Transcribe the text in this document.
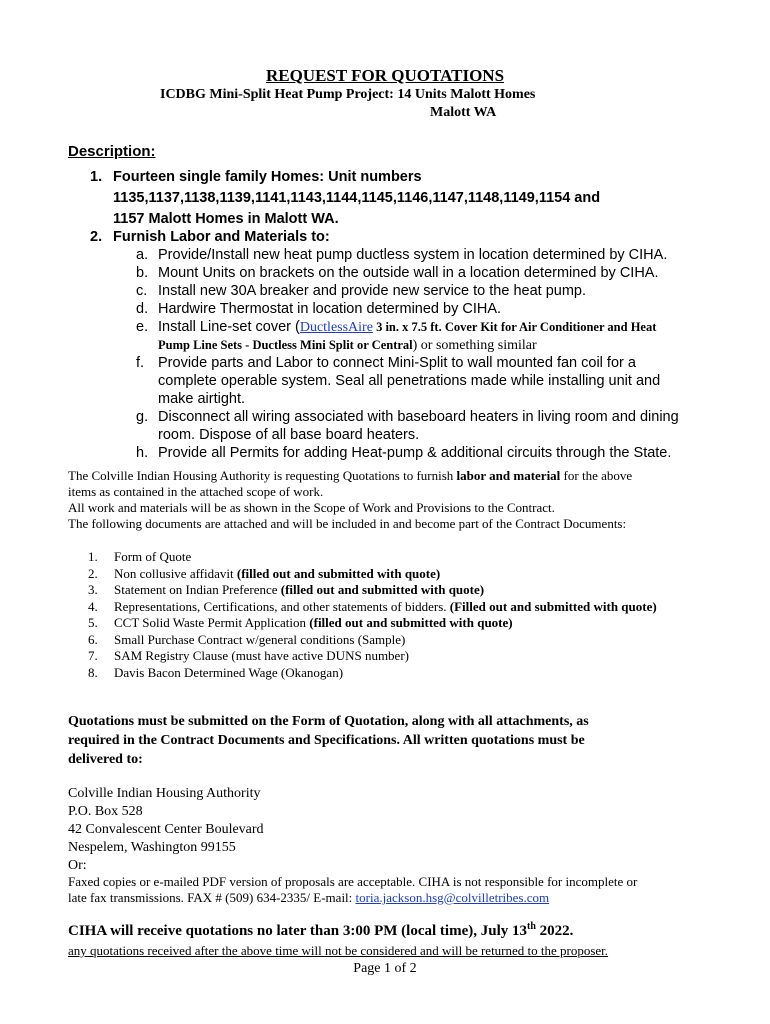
REQUEST FOR QUOTATIONS
ICDBG Mini-Split Heat Pump Project: 14 Units Malott Homes
Malott WA
Description:
1. Fourteen single family Homes: Unit numbers
1135,1137,1138,1139,1141,1143,1144,1145,1146,1147,1148,1149,1154 and
1157 Malott Homes in Malott WA.
2. Furnish Labor and Materials to:
a. Provide/Install new heat pump ductless system in location determined by CIHA.
b. Mount Units on brackets on the outside wall in a location determined by CIHA.
c. Install new 30A breaker and provide new service to the heat pump.
d. Hardwire Thermostat in location determined by CIHA.
e. Install Line-set cover (DuctlessAire 3 in. x 7.5 ft. Cover Kit for Air Conditioner and Heat
Pump Line Sets - Ductless Mini Split or Central) or something similar
f. Provide parts and Labor to connect Mini-Split to wall mounted fan coil for a
complete operable system. Seal all penetrations made while installing unit and
make airtight.
g. Disconnect all wiring associated with baseboard heaters in living room and dining
room. Dispose of all base board heaters.
h. Provide all Permits for adding Heat-pump & additional circuits through the State.
The Colville Indian Housing Authority is requesting Quotations to furnish labor and material for the above
items as contained in the attached scope of work.
All work and materials will be as shown in the Scope of Work and Provisions to the Contract.
The following documents are attached and will be included in and become part of the Contract Documents:
1. Form of Quote
2. Non collusive affidavit (filled out and submitted with quote)
3. Statement on Indian Preference (filled out and submitted with quote)
4. Representations, Certifications, and other statements of bidders. (Filled out and submitted with quote)
5. CCT Solid Waste Permit Application (filled out and submitted with quote)
6. Small Purchase Contract w/general conditions (Sample)
7. SAM Registry Clause (must have active DUNS number)
8. Davis Bacon Determined Wage (Okanogan)
Quotations must be submitted on the Form of Quotation, along with all attachments, as
required in the Contract Documents and Specifications. All written quotations must be
delivered to:
Colville Indian Housing Authority
P.O. Box 528
42 Convalescent Center Boulevard
Nespelem, Washington 99155
Or:
Faxed copies or e-mailed PDF version of proposals are acceptable. CIHA is not responsible for incomplete or
late fax transmissions. FAX # (509) 634-2335/ E-mail: toria.jackson.hsg@colvilletribes.com
CIHA will receive quotations no later than 3:00 PM (local time), July 13th 2022.
any quotations received after the above time will not be considered and will be returned to the proposer.
Page 1 of 2
